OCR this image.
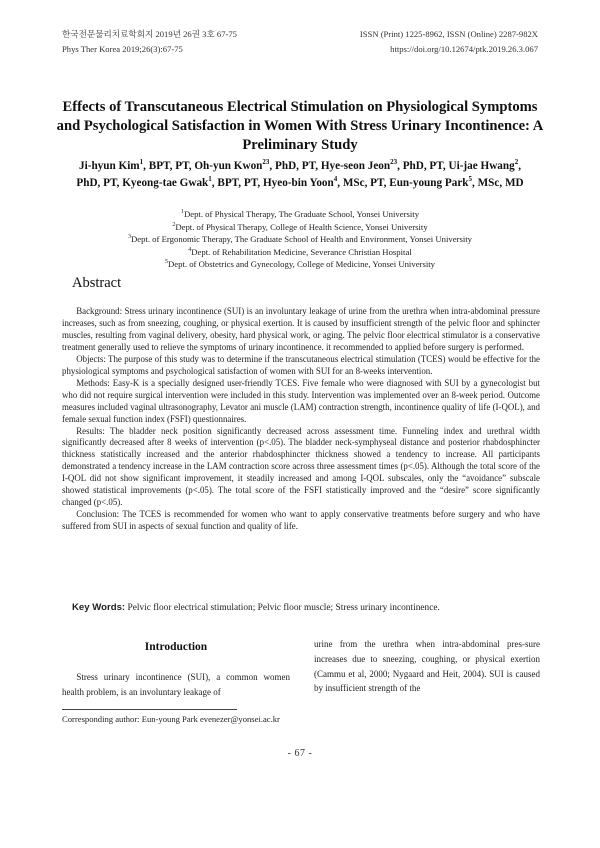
한국전문물리치료학회지 2019년 26권 3호 67-75	ISSN (Print) 1225-8962, ISSN (Online) 2287-982X
Phys Ther Korea 2019;26(3):67-75	https://doi.org/10.12674/ptk.2019.26.3.067
Effects of Transcutaneous Electrical Stimulation on Physiological Symptoms and Psychological Satisfaction in Women With Stress Urinary Incontinence: A Preliminary Study
Ji-hyun Kim$^1$, BPT, PT, Oh-yun Kwon$^{23}$, PhD, PT, Hye-seon Jeon$^{23}$, PhD, PT, Ui-jae Hwang$^2$, PhD, PT, Kyeong-tae Gwak$^1$, BPT, PT, Hyeo-bin Yoon$^4$, MSc, PT, Eun-young Park$^5$, MSc, MD
$^1$Dept. of Physical Therapy, The Graduate School, Yonsei University
$^2$Dept. of Physical Therapy, College of Health Science, Yonsei University
$^3$Dept. of Ergonomic Therapy, The Graduate School of Health and Environment, Yonsei University
$^4$Dept. of Rehabilitation Medicine, Severance Christian Hospital
$^5$Dept. of Obstetrics and Gynecology, College of Medicine, Yonsei University
Abstract

Background: Stress urinary incontinence (SUI) is an involuntary leakage of urine from the urethra when intra-abdominal pressure increases, such as from sneezing, coughing, or physical exertion. It is caused by insufficient strength of the pelvic floor and sphincter muscles, resulting from vaginal delivery, obesity, hard physical work, or aging. The pelvic floor electrical stimulator is a conservative treatment generally used to relieve the symptoms of urinary incontinence. it recommended to applied before surgery is performed.

Objects: The purpose of this study was to determine if the transcutaneous electrical stimulation (TCES) would be effective for the physiological symptoms and psychological satisfaction of women with SUI for an 8-weeks intervention.

Methods: Easy-K is a specially designed user-friendly TCES. Five female who were diagnosed with SUI by a gynecologist but who did not require surgical intervention were included in this study. Intervention was implemented over an 8-week period. Outcome measures included vaginal ultrasonography, Levator ani muscle (LAM) contraction strength, incontinence quality of life (I-QOL), and female sexual function index (FSFI) questionnaires.

Results: The bladder neck position significantly decreased across assessment time. Funneling index and urethral width significantly decreased after 8 weeks of intervention (p<.05). The bladder neck-symphyseal distance and posterior rhabdosphincter thickness statistically increased and the anterior rhabdosphincter thickness showed a tendency to increase. All participants demonstrated a tendency increase in the LAM contraction score across three assessment times (p<.05). Although the total score of the I-QOL did not show significant improvement, it steadily increased and among I-QOL subscales, only the “avoidance” subscale showed statistical improvements (p<.05). The total score of the FSFI statistically improved and the “desire” score significantly changed (p<.05).

Conclusion: The TCES is recommended for women who want to apply conservative treatments before surgery and who have suffered from SUI in aspects of sexual function and quality of life.

Key Words: Pelvic floor electrical stimulation; Pelvic floor muscle; Stress urinary incontinence.
Introduction

Stress urinary incontinence (SUI), a common women health problem, is an involuntary leakage of

urine from the urethra when intra-abdominal pres-sure increases due to sneezing, coughing, or physical exertion (Cammu et al, 2000; Nygaard and Heit, 2004). SUI is caused by insufficient strength of the

Corresponding author: Eun-young Park evenezer@yonsei.ac.kr
- 67 -
